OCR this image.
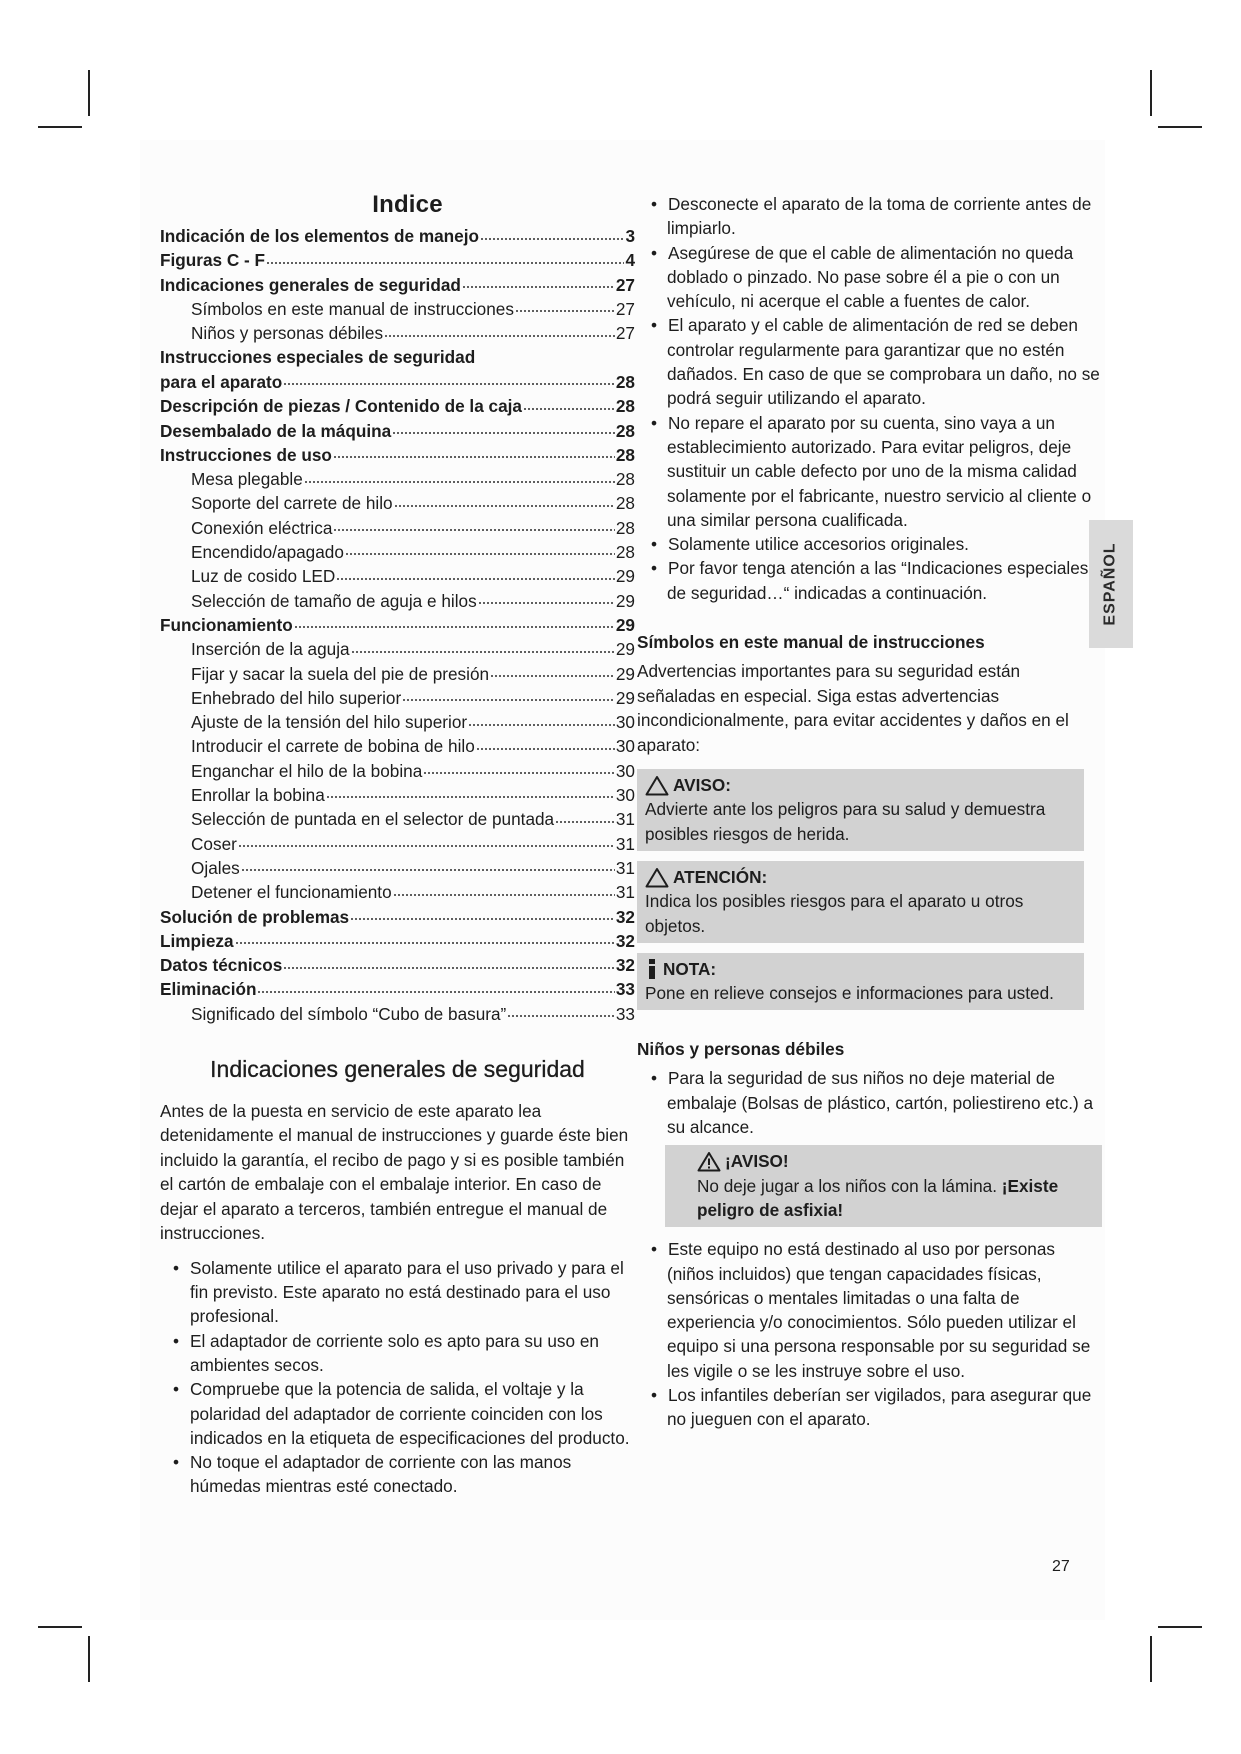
Indice
Indicación de los elementos de manejo	3
Figuras C - F	4
Indicaciones generales de seguridad	27
Símbolos en este manual de instrucciones	27
Niños y personas débiles	27
Instrucciones especiales de seguridad
para el aparato	28
Descripción de piezas / Contenido de la caja	28
Desembalado de la máquina	28
Instrucciones de uso	28
Mesa plegable	28
Soporte del carrete de hilo	28
Conexión eléctrica	28
Encendido/apagado	28
Luz de cosido LED	29
Selección de tamaño de aguja e hilos	29
Funcionamiento	29
Inserción de la aguja	29
Fijar y sacar la suela del pie de presión	29
Enhebrado del hilo superior	29
Ajuste de la tensión del hilo superior	30
Introducir el carrete de bobina de hilo	30
Enganchar el hilo de la bobina	30
Enrollar la bobina	30
Selección de puntada en el selector de puntada	31
Coser	31
Ojales	31
Detener el funcionamiento	31
Solución de problemas	32
Limpieza	32
Datos técnicos	32
Eliminación	33
Significado del símbolo “Cubo de basura”	33
Indicaciones generales de seguridad

Antes de la puesta en servicio de este aparato lea detenidamente el manual de instrucciones y guarde éste bien incluido la garantía, el recibo de pago y si es posible también el cartón de embalaje con el embalaje interior. En caso de dejar el aparato a terceros, también entregue el manual de instrucciones.

• Solamente utilice el aparato para el uso privado y para el fin previsto. Este aparato no está destinado para el uso profesional.
• El adaptador de corriente solo es apto para su uso en ambientes secos.
• Compruebe que la potencia de salida, el voltaje y la polaridad del adaptador de corriente coinciden con los indicados en la etiqueta de especificaciones del producto.
• No toque el adaptador de corriente con las manos húmedas mientras esté conectado.
• Desconecte el aparato de la toma de corriente antes de limpiarlo.
• Asegúrese de que el cable de alimentación no queda doblado o pinzado. No pase sobre él a pie o con un vehículo, ni acerque el cable a fuentes de calor.
• El aparato y el cable de alimentación de red se deben controlar regularmente para garantizar que no estén dañados. En caso de que se comprobara un daño, no se podrá seguir utilizando el aparato.
• No repare el aparato por su cuenta, sino vaya a un establecimiento autorizado. Para evitar peligros, deje sustituir un cable defecto por uno de la misma calidad solamente por el fabricante, nuestro servicio al cliente o una similar persona cualificada.
• Solamente utilice accesorios originales.
• Por favor tenga atención a las “Indicaciones especiales de seguridad…“ indicadas a continuación.
Símbolos en este manual de instrucciones

Advertencias importantes para su seguridad están señaladas en especial. Siga estas advertencias incondicionalmente, para evitar accidentes y daños en el aparato:

AVISO:
Advierte ante los peligros para su salud y demuestra posibles riesgos de herida.
ATENCIÓN:
Indica los posibles riesgos para el aparato u otros objetos.
NOTA:
Pone en relieve consejos e informaciones para usted.
Niños y personas débiles
• Para la seguridad de sus niños no deje material de embalaje (Bolsas de plástico, cartón, poliestireno etc.) a su alcance.
¡AVISO!
No deje jugar a los niños con la lámina. ¡Existe peligro de asfixia!
• Este equipo no está destinado al uso por personas (niños incluidos) que tengan capacidades físicas, sensóricas o mentales limitadas o una falta de experiencia y/o conocimientos. Sólo pueden utilizar el equipo si una persona responsable por su seguridad se les vigile o se les instruye sobre el uso.
• Los infantiles deberían ser vigilados, para asegurar que no jueguen con el aparato.
ESPAÑOL
27
